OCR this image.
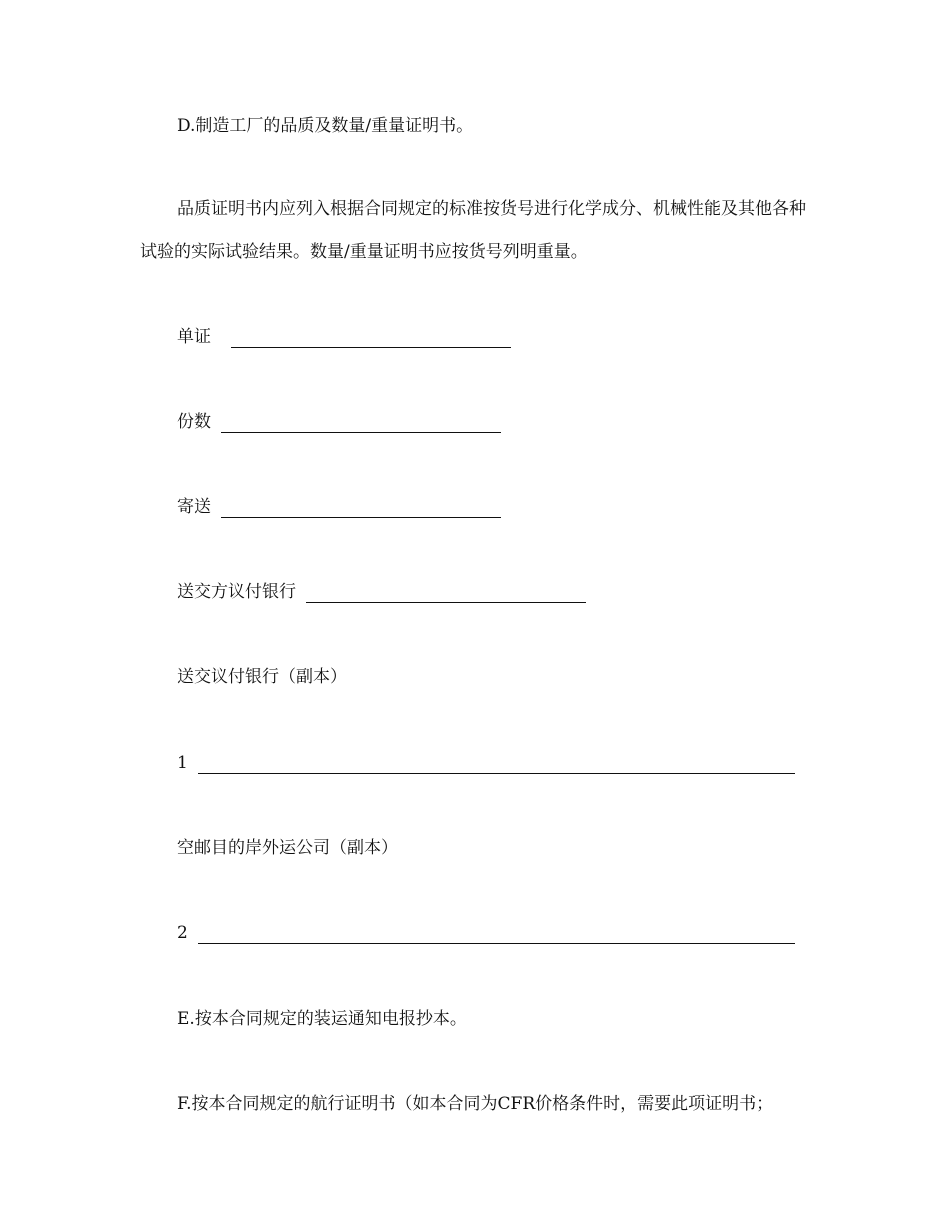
D.制造工厂的品质及数量/重量证明书。
品质证明书内应列入根据合同规定的标准按货号进行化学成分、机械性能及其他各种试验的实际试验结果。数量/重量证明书应按货号列明重量。
单证
份数
寄送
送交方议付银行
送交议付银行（副本）
1
空邮目的岸外运公司（副本）
2
E.按本合同规定的装运通知电报抄本。
F.按本合同规定的航行证明书（如本合同为CFR价格条件时，需要此项证明书；
